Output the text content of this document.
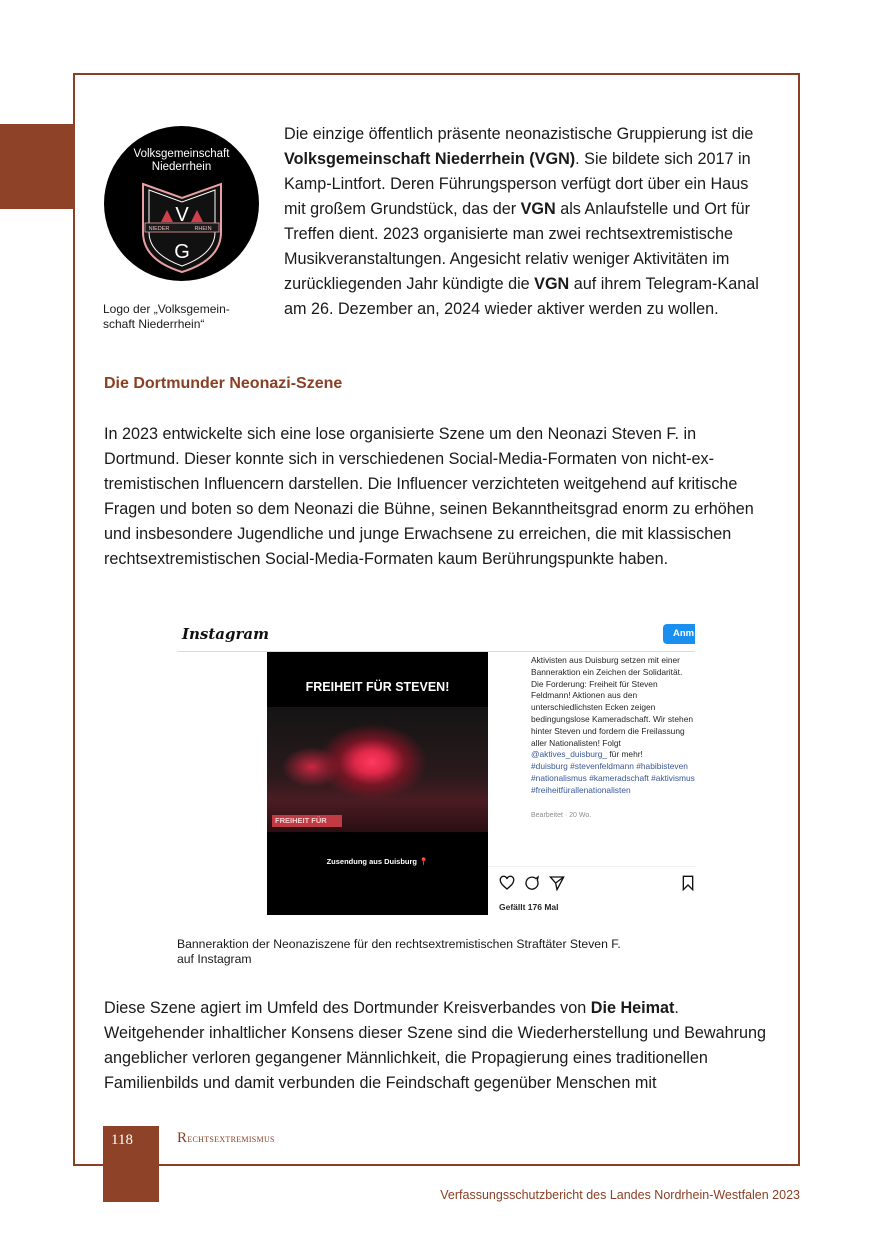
Volksgemeinschaft
Niederrhein
V
G
NIEDER	RHEIN
Logo der „Volksgemein-
schaft Niederrhein“

Die einzige öffentlich präsente neonazistische Gruppierung ist die Volksgemeinschaft Niederrhein (VGN). Sie bildete sich 2017 in Kamp-Lintfort. Deren Führungsperson verfügt dort über ein Haus mit großem Grundstück, das der VGN als Anlaufstelle und Ort für Treffen dient. 2023 organisierte man zwei rechtsextremistische Musikveranstaltungen. Angesicht relativ weniger Aktivitäten im zurückliegenden Jahr kündigte die VGN auf ihrem Telegram-Kanal am 26. Dezember an, 2024 wieder aktiver werden zu wollen.

Die Dortmunder Neonazi-Szene

In 2023 entwickelte sich eine lose organisierte Szene um den Neonazi Steven F. in Dortmund. Dieser konnte sich in verschiedenen Social-Media-Formaten von nicht-extremistischen Influencern darstellen. Die Influencer verzichteten weitgehend auf kritische Fragen und boten so dem Neonazi die Bühne, seinen Bekanntheitsgrad enorm zu erhöhen und insbesondere Jugendliche und junge Erwachsene zu erreichen, die mit klassischen rechtsextremistischen Social-Media-Formaten kaum Berührungspunkte haben.

Instagram	Anm
FREIHEIT FÜR STEVEN!
FREIHEIT FÜR
Zusendung aus Duisburg 📍
Aktivisten aus Duisburg setzen mit einer Banneraktion ein Zeichen der Solidarität. Die Forderung: Freiheit für Steven Feldmann! Aktionen aus den unterschiedlichsten Ecken zeigen bedingungslose Kameradschaft. Wir stehen hinter Steven und fordern die Freilassung aller Nationalisten! Folgt @aktives_duisburg_ für mehr!
#duisburg #stevenfeldmann #habibisteven #nationalismus #kameradschaft #aktivismus #freiheitfürallenationalisten
Bearbeitet · 20 Wo.
Gefällt 176 Mal
Banneraktion der Neonaziszene für den rechtsextremistischen Straftäter Steven F.
auf Instagram

Diese Szene agiert im Umfeld des Dortmunder Kreisverbandes von Die Heimat. Weitgehender inhaltlicher Konsens dieser Szene sind die Wiederherstellung und Bewahrung angeblicher verloren gegangener Männlichkeit, die Propagierung eines traditionellen Familienbilds und damit verbunden die Feindschaft gegenüber Menschen mit

118	Rechtsextremismus
Verfassungsschutzbericht des Landes Nordrhein-Westfalen 2023
